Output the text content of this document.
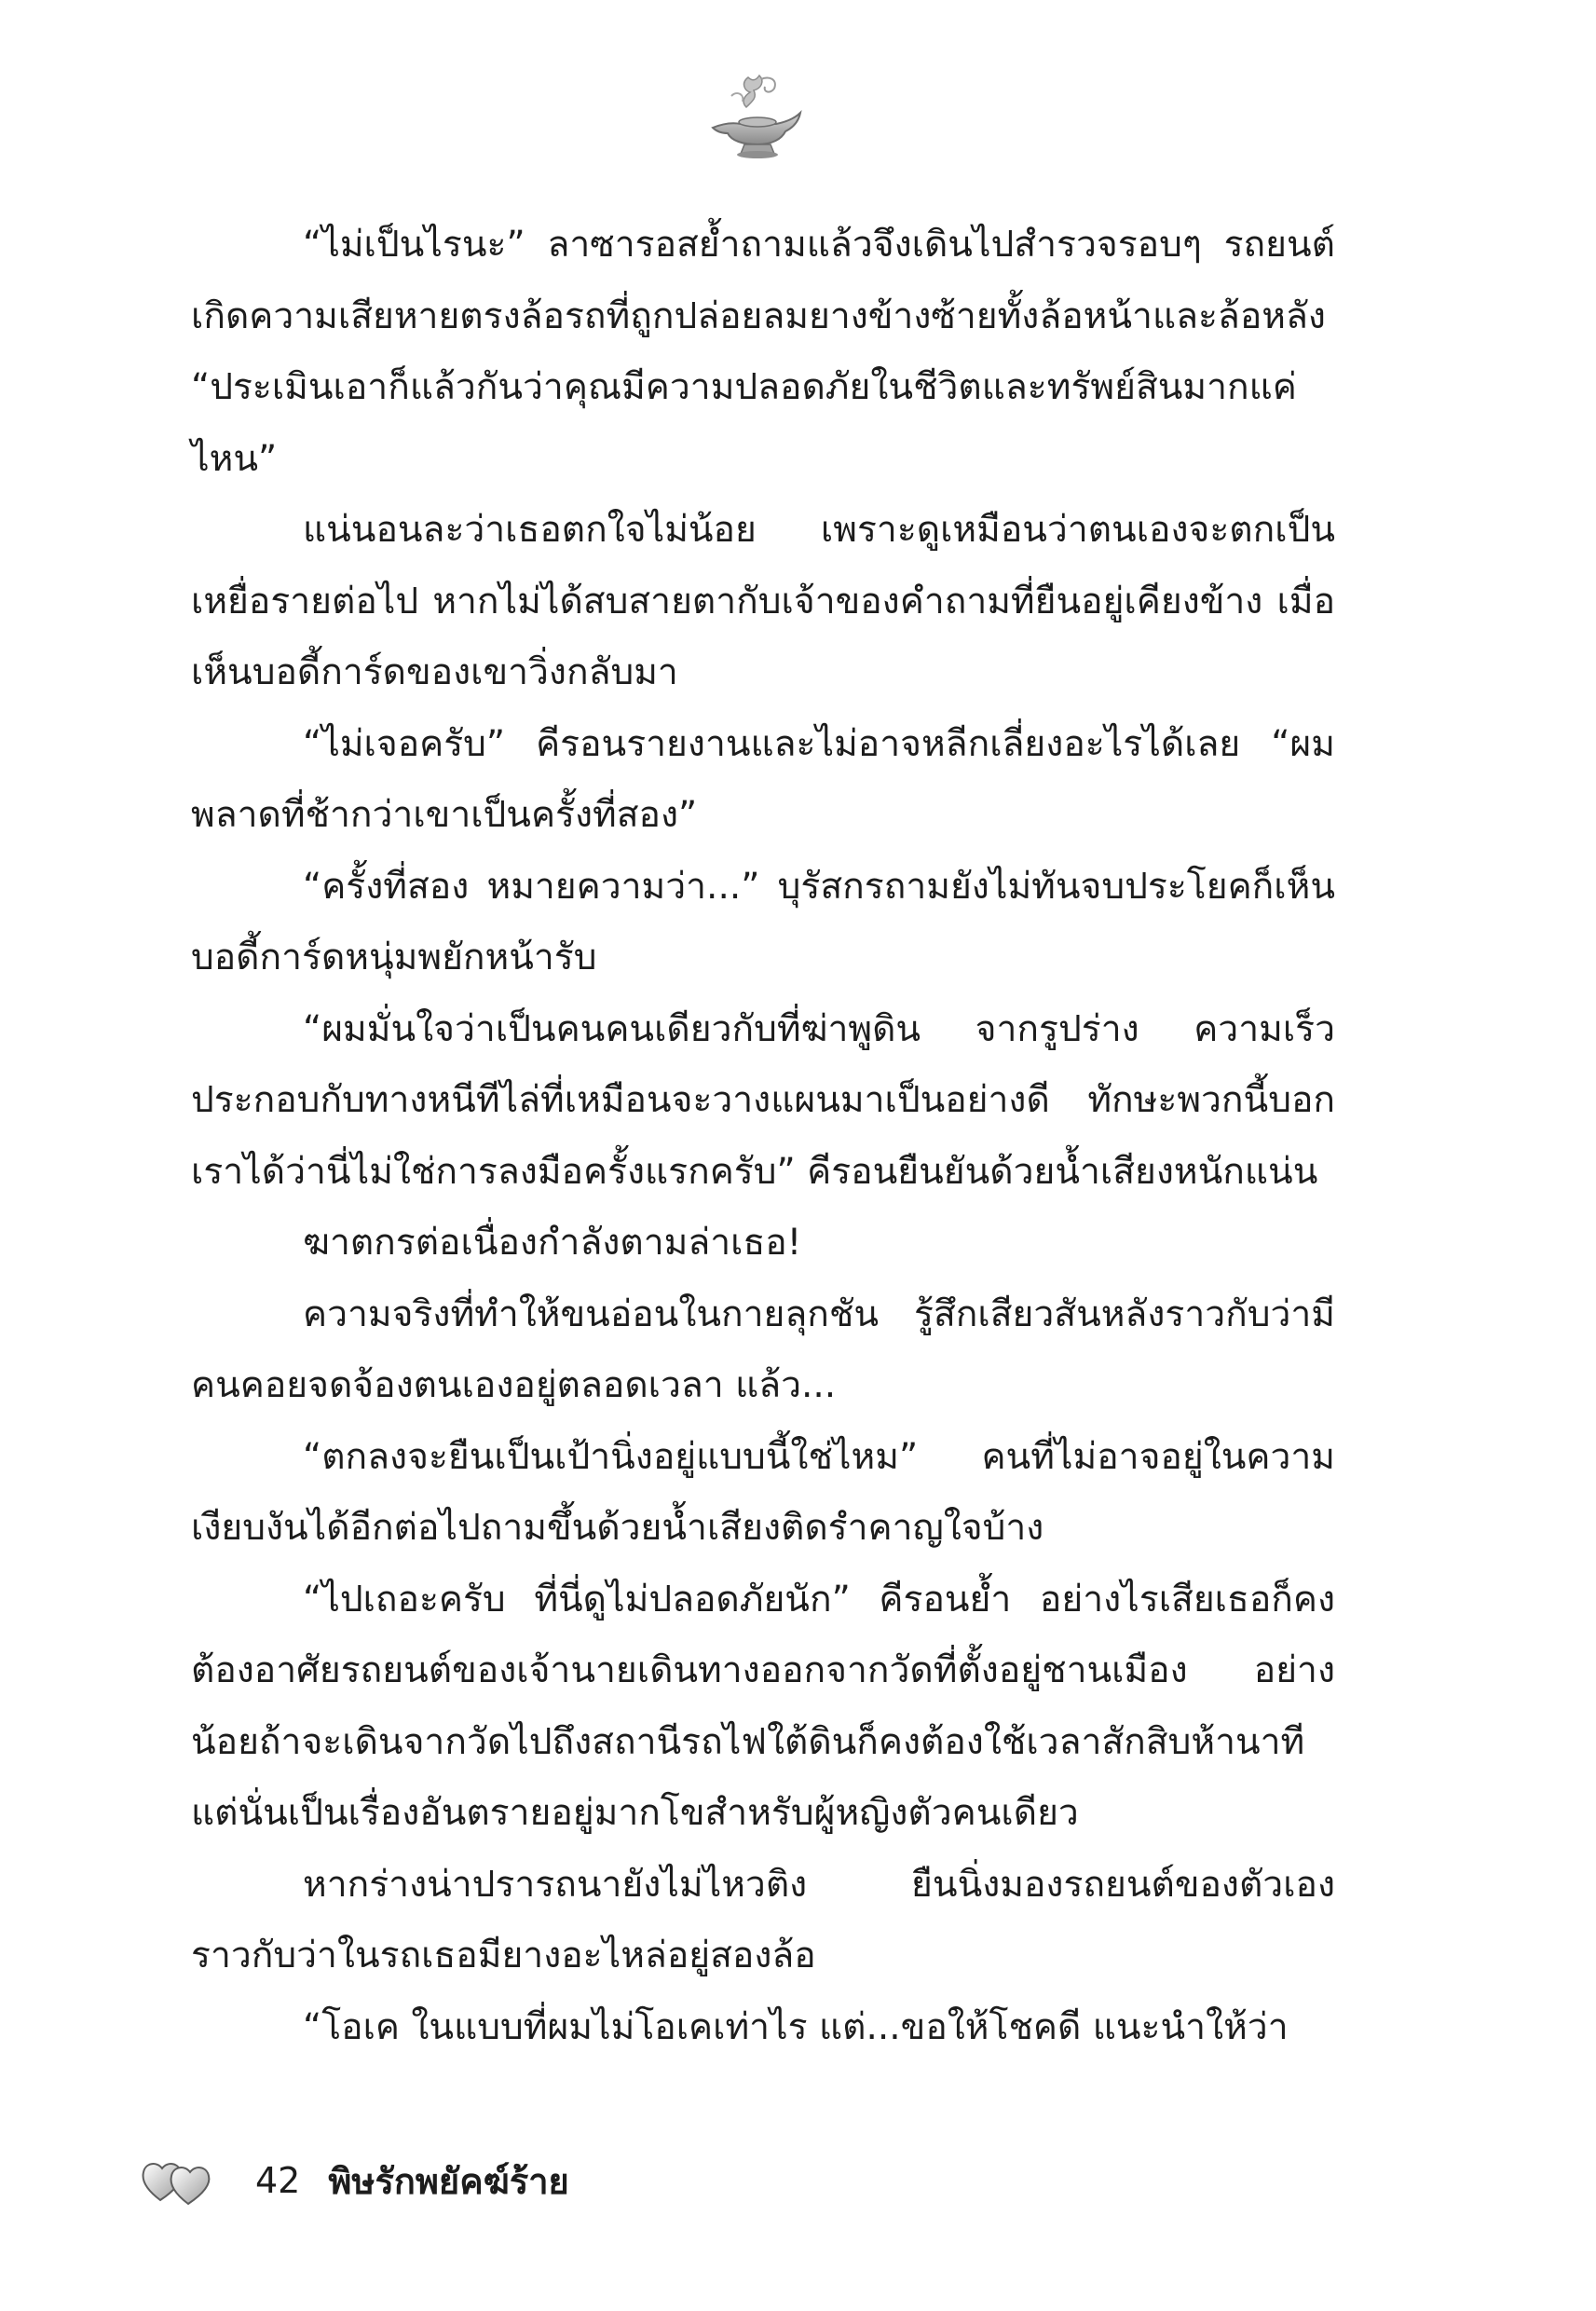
“ไม่เป็นไรนะ” ลาซารอสย้ำถามแล้วจึงเดินไปสำรวจรอบๆ รถยนต์เกิดความเสียหายตรงล้อรถที่ถูกปล่อยลมยางข้างซ้ายทั้งล้อหน้าและล้อหลัง “ประเมินเอาก็แล้วกันว่าคุณมีความปลอดภัยในชีวิตและทรัพย์สินมากแค่ไหน”

แน่นอนละว่าเธอตกใจไม่น้อย เพราะดูเหมือนว่าตนเองจะตกเป็นเหยื่อรายต่อไป หากไม่ได้สบสายตากับเจ้าของคำถามที่ยืนอยู่เคียงข้าง เมื่อเห็นบอดี้การ์ดของเขาวิ่งกลับมา

“ไม่เจอครับ” คีรอนรายงานและไม่อาจหลีกเลี่ยงอะไรได้เลย “ผมพลาดที่ช้ากว่าเขาเป็นครั้งที่สอง”

“ครั้งที่สอง หมายความว่า...” บุรัสกรถามยังไม่ทันจบประโยคก็เห็นบอดี้การ์ดหนุ่มพยักหน้ารับ

“ผมมั่นใจว่าเป็นคนคนเดียวกับที่ฆ่าพูดิน จากรูปร่าง ความเร็วประกอบกับทางหนีทีไล่ที่เหมือนจะวางแผนมาเป็นอย่างดี ทักษะพวกนี้บอกเราได้ว่านี่ไม่ใช่การลงมือครั้งแรกครับ” คีรอนยืนยันด้วยน้ำเสียงหนักแน่น

ฆาตกรต่อเนื่องกำลังตามล่าเธอ!

ความจริงที่ทำให้ขนอ่อนในกายลุกชัน รู้สึกเสียวสันหลังราวกับว่ามีคนคอยจดจ้องตนเองอยู่ตลอดเวลา แล้ว...

“ตกลงจะยืนเป็นเป้านิ่งอยู่แบบนี้ใช่ไหม” คนที่ไม่อาจอยู่ในความเงียบงันได้อีกต่อไปถามขึ้นด้วยน้ำเสียงติดรำคาญใจบ้าง

“ไปเถอะครับ ที่นี่ดูไม่ปลอดภัยนัก” คีรอนย้ำ อย่างไรเสียเธอก็คงต้องอาศัยรถยนต์ของเจ้านายเดินทางออกจากวัดที่ตั้งอยู่ชานเมือง อย่างน้อยถ้าจะเดินจากวัดไปถึงสถานีรถไฟใต้ดินก็คงต้องใช้เวลาสักสิบห้านาที แต่นั่นเป็นเรื่องอันตรายอยู่มากโขสำหรับผู้หญิงตัวคนเดียว

หากร่างน่าปรารถนายังไม่ไหวติง ยืนนิ่งมองรถยนต์ของตัวเองราวกับว่าในรถเธอมียางอะไหล่อยู่สองล้อ

“โอเค ในแบบที่ผมไม่โอเคเท่าไร แต่...ขอให้โชคดี แนะนำให้ว่า

42 พิษรักพยัคฆ์ร้าย
